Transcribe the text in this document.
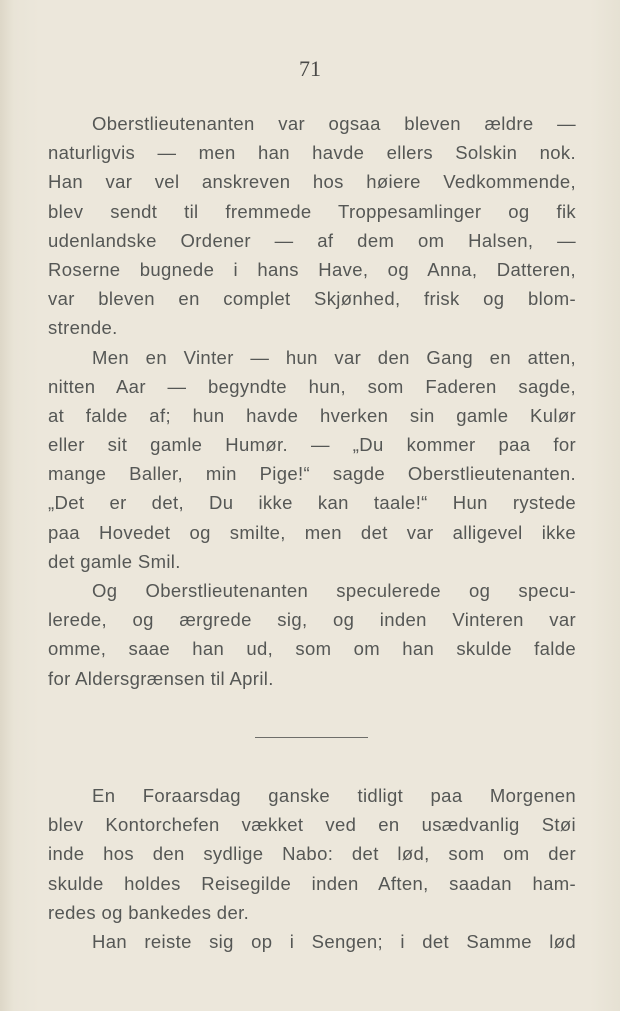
71
Oberstlieutenanten var ogsaa bleven ældre —
naturligvis — men han havde ellers Solskin nok.
Han var vel anskreven hos høiere Vedkommende,
blev sendt til fremmede Troppesamlinger og fik
udenlandske Ordener — af dem om Halsen, —
Roserne bugnede i hans Have, og Anna, Datteren,
var bleven en complet Skjønhed, frisk og blom-
strende.
Men en Vinter — hun var den Gang en atten,
nitten Aar — begyndte hun, som Faderen sagde,
at falde af; hun havde hverken sin gamle Kulør
eller sit gamle Humør. — „Du kommer paa for
mange Baller, min Pige!“ sagde Oberstlieutenanten.
„Det er det, Du ikke kan taale!“ Hun rystede
paa Hovedet og smilte, men det var alligevel ikke
det gamle Smil.
Og Oberstlieutenanten speculerede og specu-
lerede, og ærgrede sig, og inden Vinteren var
omme, saae han ud, som om han skulde falde
for Aldersgrænsen til April.
En Foraarsdag ganske tidligt paa Morgenen
blev Kontorchefen vækket ved en usædvanlig Støi
inde hos den sydlige Nabo: det lød, som om der
skulde holdes Reisegilde inden Aften, saadan ham-
redes og bankedes der.
Han reiste sig op i Sengen; i det Samme lød
